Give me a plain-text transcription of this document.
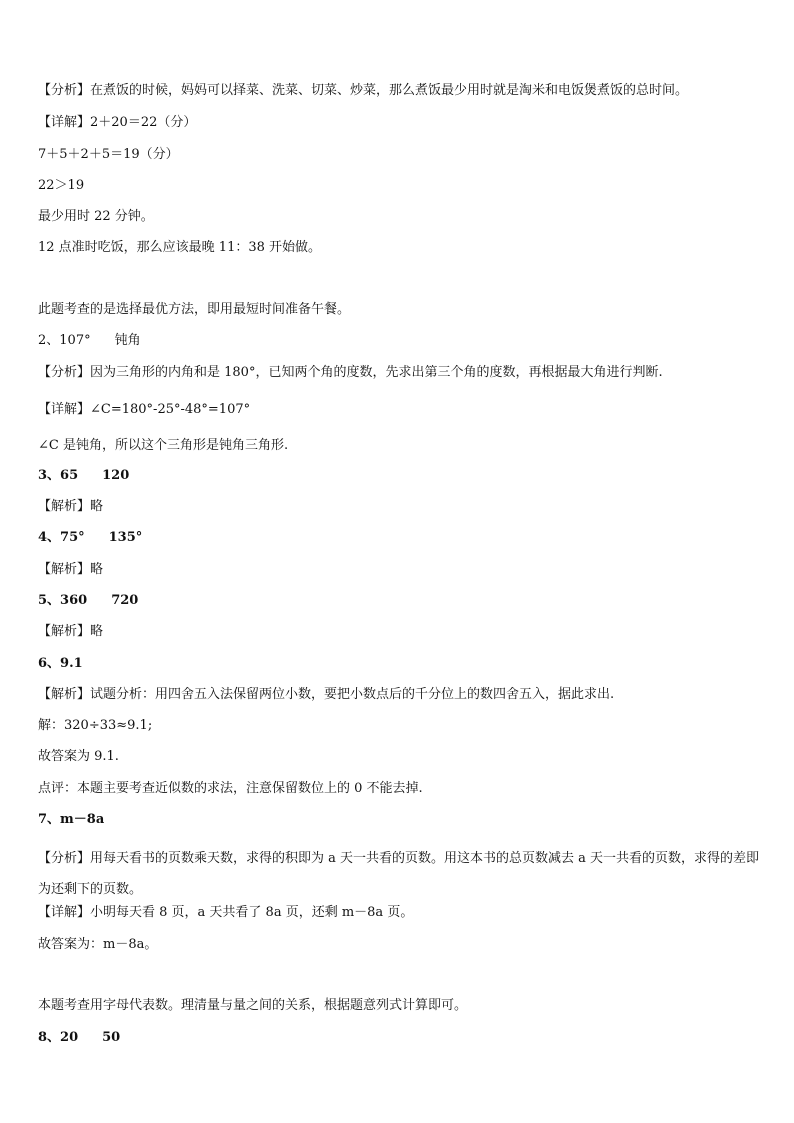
【分析】在煮饭的时候，妈妈可以择菜、洗菜、切菜、炒菜，那么煮饭最少用时就是淘米和电饭煲煮饭的总时间。
【详解】2＋20＝22（分）
7＋5＋2＋5＝19（分）
22＞19
最少用时 22 分钟。
12 点准时吃饭，那么应该最晚 11：38 开始做。
此题考查的是选择最优方法，即用最短时间准备午餐。
2、107° 钝角
【分析】因为三角形的内角和是 180°，已知两个角的度数，先求出第三个角的度数，再根据最大角进行判断.
【详解】∠C=180°-25°-48°=107°
∠C 是钝角，所以这个三角形是钝角三角形.
3、65 120
【解析】略
4、75° 135°
【解析】略
5、360 720
【解析】略
6、9.1
【解析】试题分析：用四舍五入法保留两位小数，要把小数点后的千分位上的数四舍五入，据此求出.
解：320÷33≈9.1;
故答案为 9.1.
点评：本题主要考查近似数的求法，注意保留数位上的 0 不能去掉.
7、m－8a
【分析】用每天看书的页数乘天数，求得的积即为 a 天一共看的页数。用这本书的总页数减去 a 天一共看的页数，求得的差即为还剩下的页数。
【详解】小明每天看 8 页，a 天共看了 8a 页，还剩 m－8a 页。
故答案为：m－8a。
本题考查用字母代表数。理清量与量之间的关系，根据题意列式计算即可。
8、20 50
